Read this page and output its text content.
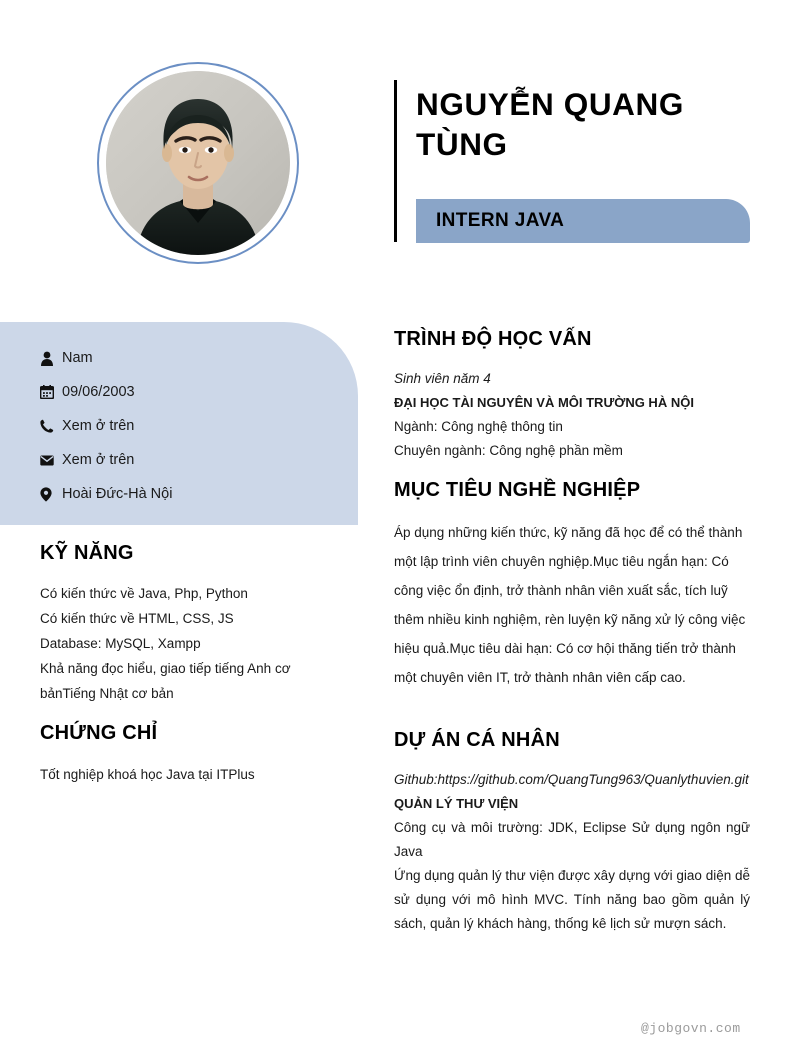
Nam
09/06/2003
Xem ở trên
Xem ở trên
Hoài Đức-Hà Nội
KỸ NĂNG
Có kiến thức về Java, Php, Python
Có kiến thức về HTML, CSS, JS
Database: MySQL, Xampp
Khả năng đọc hiểu, giao tiếp tiếng Anh cơ bảnTiếng Nhật cơ bản
CHỨNG CHỈ
Tốt nghiệp khoá học Java tại ITPlus
NGUYỄN QUANG TÙNG
INTERN JAVA
TRÌNH ĐỘ HỌC VẤN
Sinh viên năm 4
ĐẠI HỌC TÀI NGUYÊN VÀ MÔI TRƯỜNG HÀ NỘI
Ngành: Công nghệ thông tin
Chuyên ngành: Công nghệ phần mềm
MỤC TIÊU NGHỀ NGHIỆP
Áp dụng những kiến thức, kỹ năng đã học để có thể thành một lập trình viên chuyên nghiệp.Mục tiêu ngắn hạn: Có công việc ổn định, trở thành nhân viên xuất sắc, tích luỹ thêm nhiều kinh nghiệm, rèn luyện kỹ năng xử lý công việc hiệu quả.Mục tiêu dài hạn: Có cơ hội thăng tiến trở thành một chuyên viên IT, trở thành nhân viên cấp cao.
DỰ ÁN CÁ NHÂN
Github:https://github.com/QuangTung963/Quanlythuvien.git
QUẢN LÝ THƯ VIỆN
Công cụ và môi trường: JDK, Eclipse Sử dụng ngôn ngữ Java
Ứng dụng quản lý thư viện được xây dựng với giao diện dễ sử dụng với mô hình MVC. Tính năng bao gồm quản lý sách, quản lý khách hàng, thống kê lịch sử mượn sách.
@jobgovn.com
